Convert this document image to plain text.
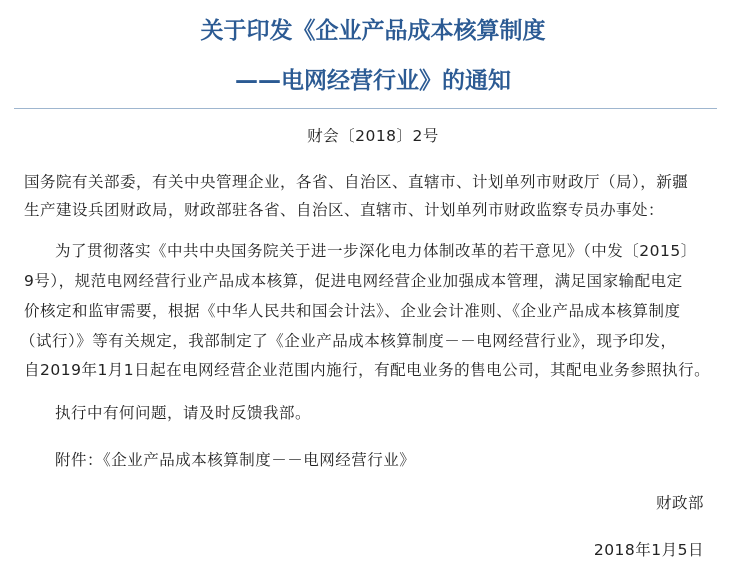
关于印发《企业产品成本核算制度
——电网经营行业》的通知
财会〔2018〕2号
国务院有关部委，有关中央管理企业，各省、自治区、直辖市、计划单列市财政厅（局），新疆
生产建设兵团财政局，财政部驻各省、自治区、直辖市、计划单列市财政监察专员办事处：
为了贯彻落实《中共中央国务院关于进一步深化电力体制改革的若干意见》（中发〔2015〕
9号），规范电网经营行业产品成本核算，促进电网经营企业加强成本管理，满足国家输配电定
价核定和监审需要，根据《中华人民共和国会计法》、企业会计准则、《企业产品成本核算制度
（试行）》等有关规定，我部制定了《企业产品成本核算制度－－电网经营行业》，现予印发，
自2019年1月1日起在电网经营企业范围内施行，有配电业务的售电公司，其配电业务参照执行。
执行中有何问题，请及时反馈我部。
附件：《企业产品成本核算制度－－电网经营行业》
财政部
2018年1月5日
